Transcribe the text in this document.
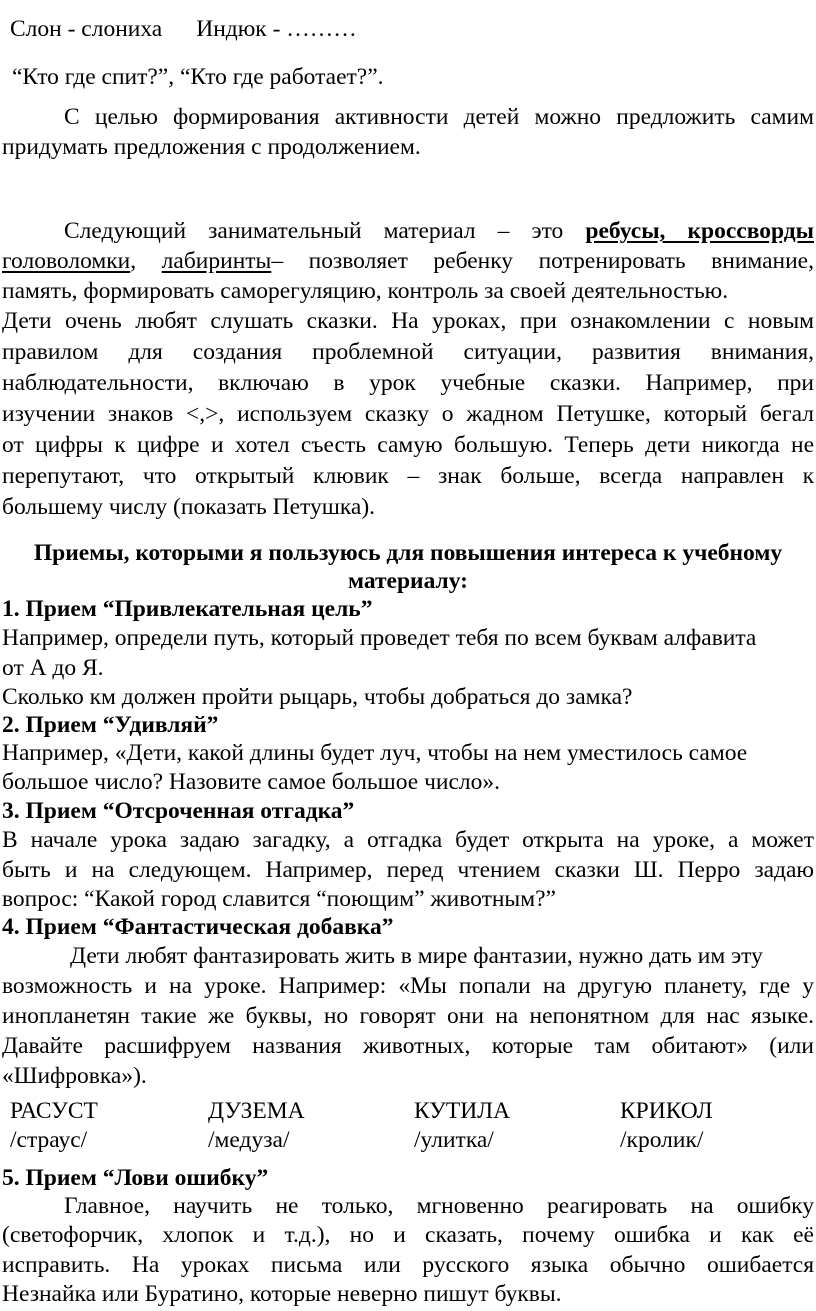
Слон - слониха Индюк - ………
“Кто где спит?”, “Кто где работает?”.
С целью формирования активности детей можно предложить самим
придумать предложения с продолжением.
Следующий занимательный материал – это ребусы, кроссворды
головоломки, лабиринты– позволяет ребенку потренировать внимание,
память, формировать саморегуляцию, контроль за своей деятельностью.
Дети очень любят слушать сказки. На уроках, при ознакомлении с новым
правилом для создания проблемной ситуации, развития внимания,
наблюдательности, включаю в урок учебные сказки. Например, при
изучении знаков <,>, используем сказку о жадном Петушке, который бегал
от цифры к цифре и хотел съесть самую большую. Теперь дети никогда не
перепутают, что открытый клювик – знак больше, всегда направлен к
большему числу (показать Петушка).
Приемы, которыми я пользуюсь для повышения интереса к учебному
материалу:
1. Прием “Привлекательная цель”
Например, определи путь, который проведет тебя по всем буквам алфавита
от А до Я.
Сколько км должен пройти рыцарь, чтобы добраться до замка?
2. Прием “Удивляй”
Например, «Дети, какой длины будет луч, чтобы на нем уместилось самое
большое число? Назовите самое большое число».
3. Прием “Отсроченная отгадка”
В начале урока задаю загадку, а отгадка будет открыта на уроке, а может
быть и на следующем. Например, перед чтением сказки Ш. Перро задаю
вопрос: “Какой город славится “поющим” животным?”
4. Прием “Фантастическая добавка”
Дети любят фантазировать жить в мире фантазии, нужно дать им эту
возможность и на уроке. Например: «Мы попали на другую планету, где у
инопланетян такие же буквы, но говорят они на непонятном для нас языке.
Давайте расшифруем названия животных, которые там обитают» (или
«Шифровка»).
РАСУСТ	ДУЗЕМА	КУТИЛА	КРИКОЛ
/страус/	/медуза/	/улитка/	/кролик/
5. Прием “Лови ошибку”
Главное, научить не только, мгновенно реагировать на ошибку
(светофорчик, хлопок и т.д.), но и сказать, почему ошибка и как её
исправить. На уроках письма или русского языка обычно ошибается
Незнайка или Буратино, которые неверно пишут буквы.
